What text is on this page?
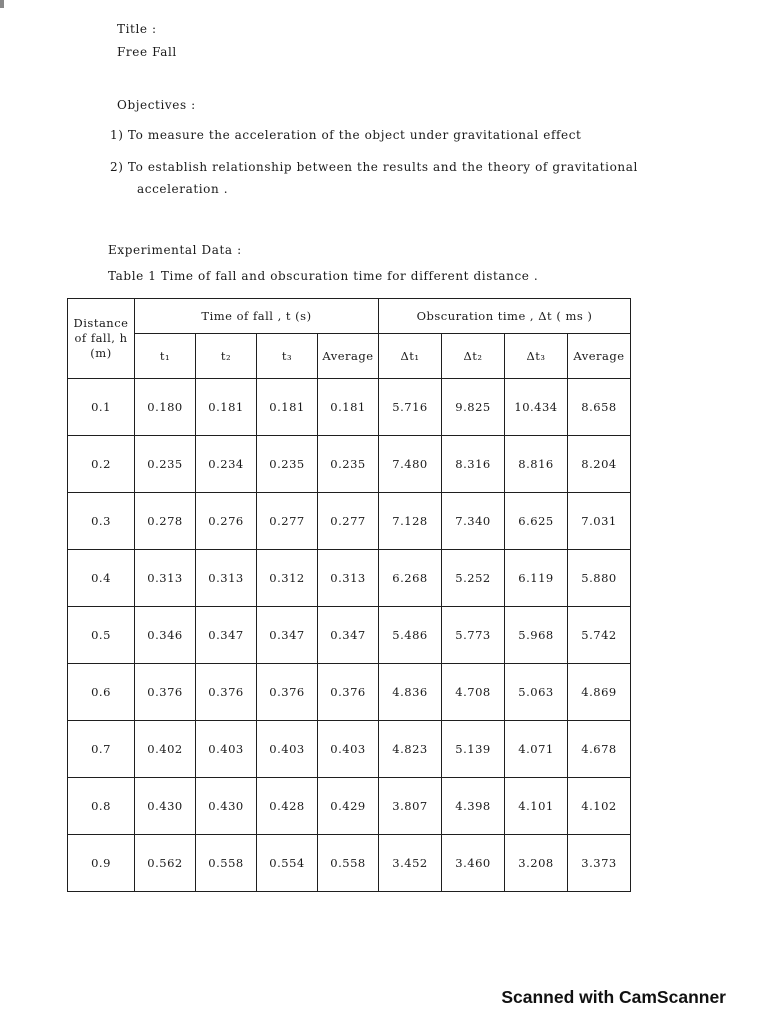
Title :
Free Fall
Objectives :
1) To measure the acceleration of the object under gravitational effect
2) To establish relationship between the results and the theory of gravitational
acceleration .
Experimental Data :
Table 1 Time of fall and obscuration time for different distance .
Distance of fall, h (m)	Time of fall , t (s)				Obscuration time , Δt ( ms )			
	t₁	t₂	t₃	Average	Δt₁	Δt₂	Δt₃	Average
0.1	0.180	0.181	0.181	0.181	5.716	9.825	10.434	8.658
0.2	0.235	0.234	0.235	0.235	7.480	8.316	8.816	8.204
0.3	0.278	0.276	0.277	0.277	7.128	7.340	6.625	7.031
0.4	0.313	0.313	0.312	0.313	6.268	5.252	6.119	5.880
0.5	0.346	0.347	0.347	0.347	5.486	5.773	5.968	5.742
0.6	0.376	0.376	0.376	0.376	4.836	4.708	5.063	4.869
0.7	0.402	0.403	0.403	0.403	4.823	5.139	4.071	4.678
0.8	0.430	0.430	0.428	0.429	3.807	4.398	4.101	4.102
0.9	0.562	0.558	0.554	0.558	3.452	3.460	3.208	3.373
Scanned with CamScanner
